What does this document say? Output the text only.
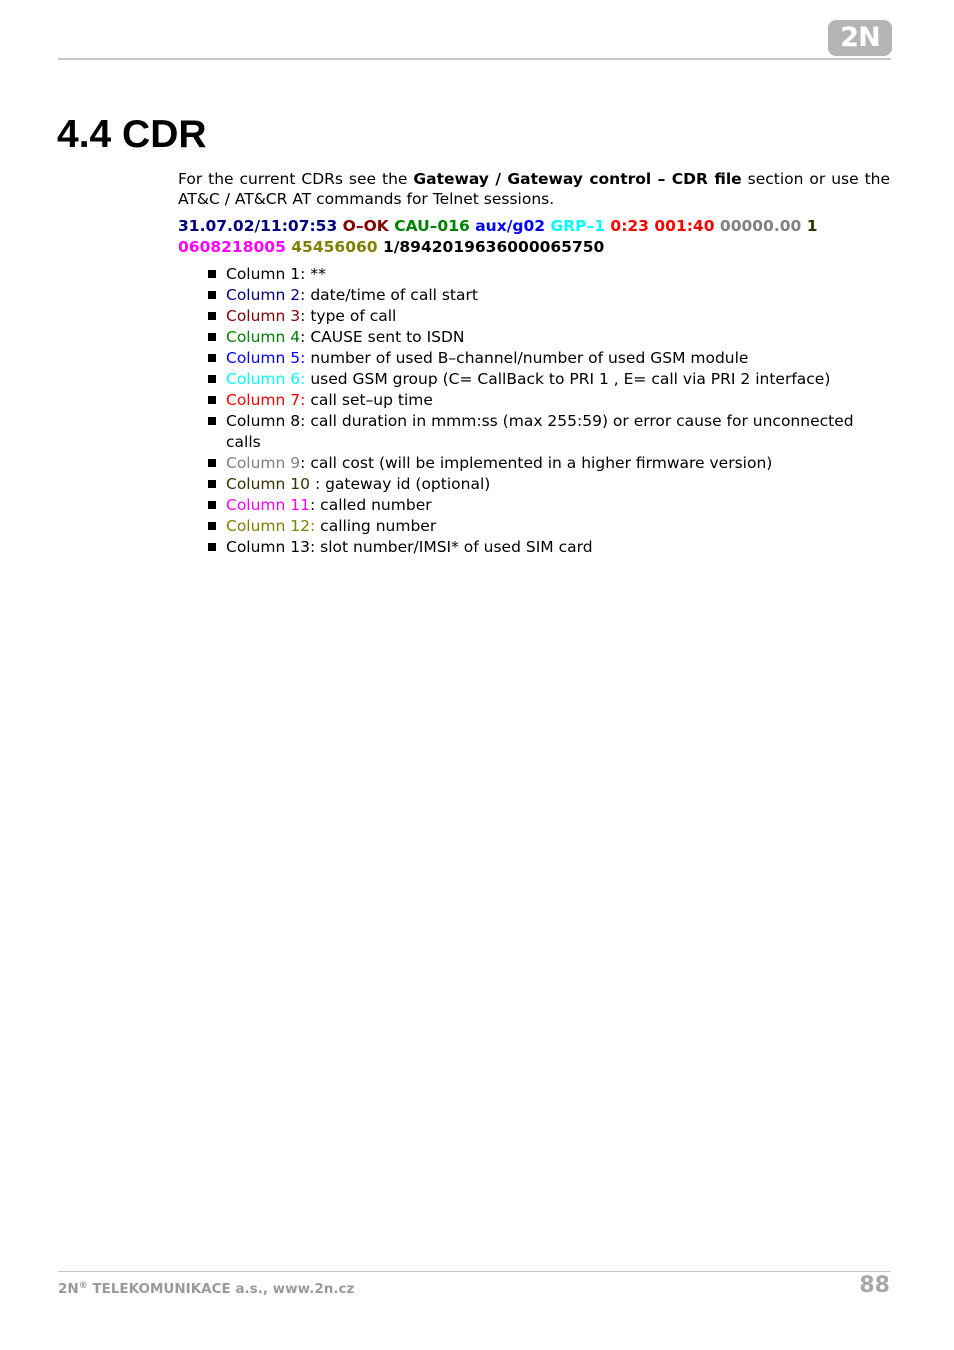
2N
4.4 CDR

For the current CDRs see the Gateway / Gateway control – CDR file section or use the AT&C / AT&CR AT commands for Telnet sessions.

31.07.02/11:07:53 O–OK CAU–016 aux/g02 GRP–1 0:23 001:40 00000.00 1 0608218005 45456060 1/8942019636000065750

Column 1: **
Column 2: date/time of call start
Column 3: type of call
Column 4: CAUSE sent to ISDN
Column 5: number of used B–channel/number of used GSM module
Column 6: used GSM group (C= CallBack to PRI 1 , E= call via PRI 2 interface)
Column 7: call set–up time
Column 8: call duration in mmm:ss (max 255:59) or error cause for unconnected calls
Column 9: call cost (will be implemented in a higher firmware version)
Column 10 : gateway id (optional)
Column 11: called number
Column 12: calling number
Column 13: slot number/IMSI* of used SIM card
2N® TELEKOMUNIKACE a.s., www.2n.cz	88
